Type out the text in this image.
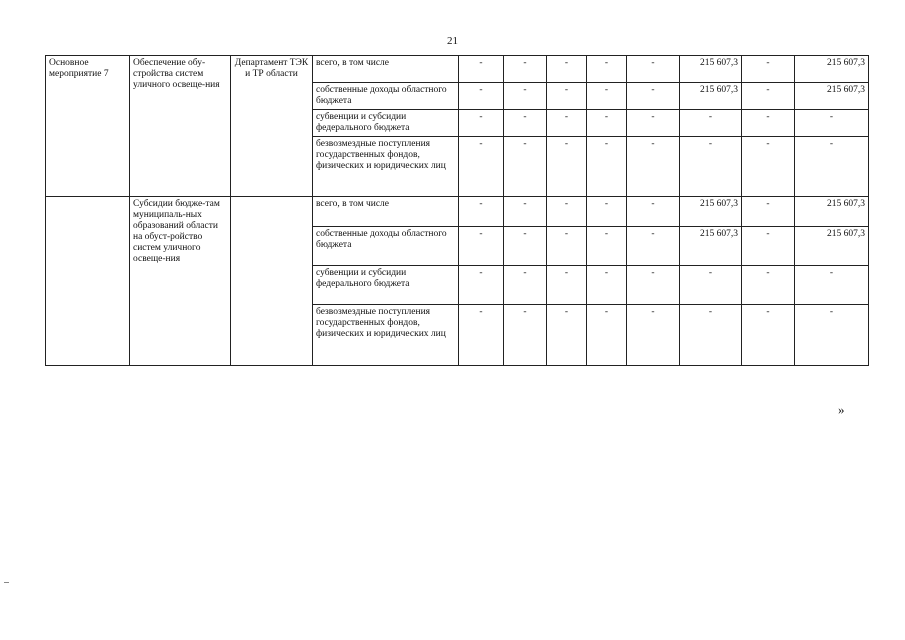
21
Основное мероприятие 7	Обеспечение обу-стройства систем уличного освеще-ния	Департамент ТЭК и ТР области	всего, в том числе	-	-	-	-	-	215 607,3	-	215 607,3
			собственные доходы областного бюджета	-	-	-	-	-	215 607,3	-	215 607,3
			субвенции и субсидии федерального бюджета	-	-	-	-	-	-	-	-
			безвозмездные поступления государственных фондов, физических и юридических лиц	-	-	-	-	-	-	-	-
	Субсидии бюдже-там муниципаль-ных образований области на обуст-ройство систем уличного освеще-ния		всего, в том числе	-	-	-	-	-	215 607,3	-	215 607,3
			собственные доходы областного бюджета	-	-	-	-	-	215 607,3	-	215 607,3
			субвенции и субсидии федерального бюджета	-	-	-	-	-	-	-	-
			безвозмездные поступления государственных фондов, физических и юридических лиц	-	-	-	-	-	-	-	-
»
